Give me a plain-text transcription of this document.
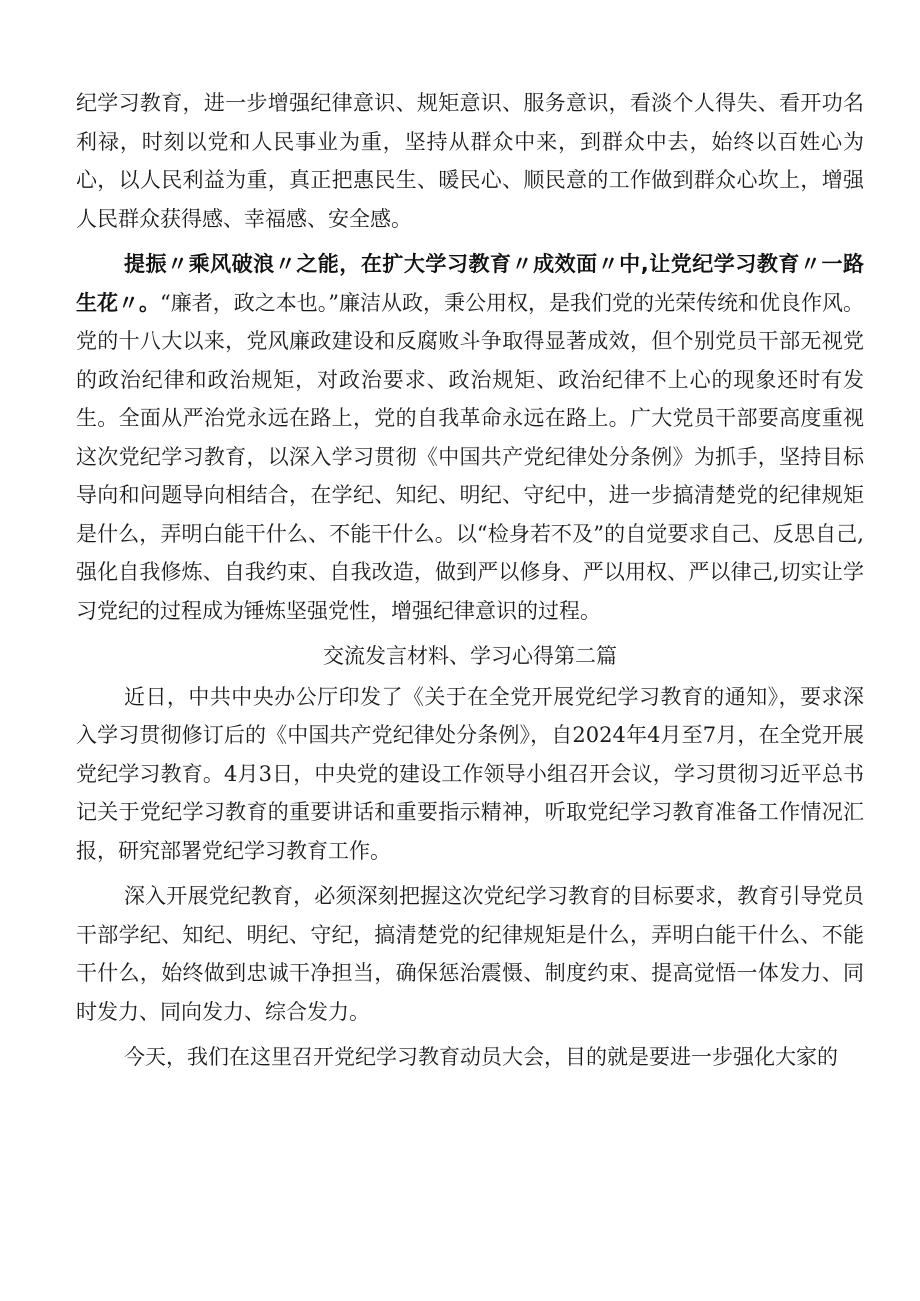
纪学习教育，进一步增强纪律意识、规矩意识、服务意识，看淡个人得失、看开功名利禄，时刻以党和人民事业为重，坚持从群众中来，到群众中去，始终以百姓心为心，以人民利益为重，真正把惠民生、暖民心、顺民意的工作做到群众心坎上，增强人民群众获得感、幸福感、安全感。

提振〃乘风破浪〃之能，在扩大学习教育〃成效面〃中,让党纪学习教育〃一路生花〃。“廉者，政之本也。”廉洁从政，秉公用权，是我们党的光荣传统和优良作风。党的十八大以来，党风廉政建设和反腐败斗争取得显著成效，但个别党员干部无视党的政治纪律和政治规矩，对政治要求、政治规矩、政治纪律不上心的现象还时有发生。全面从严治党永远在路上，党的自我革命永远在路上。广大党员干部要高度重视这次党纪学习教育，以深入学习贯彻《中国共产党纪律处分条例》为抓手，坚持目标导向和问题导向相结合，在学纪、知纪、明纪、守纪中，进一步搞清楚党的纪律规矩是什么，弄明白能干什么、不能干什么。以“检身若不及”的自觉要求自己、反思自己,强化自我修炼、自我约束、自我改造，做到严以修身、严以用权、严以律己,切实让学习党纪的过程成为锤炼坚强党性，增强纪律意识的过程。

交流发言材料、学习心得第二篇

近日，中共中央办公厅印发了《关于在全党开展党纪学习教育的通知》，要求深入学习贯彻修订后的《中国共产党纪律处分条例》，自2024年4月至7月，在全党开展党纪学习教育。4月3日，中央党的建设工作领导小组召开会议，学习贯彻习近平总书记关于党纪学习教育的重要讲话和重要指示精神，听取党纪学习教育准备工作情况汇报，研究部署党纪学习教育工作。

深入开展党纪教育，必须深刻把握这次党纪学习教育的目标要求，教育引导党员干部学纪、知纪、明纪、守纪，搞清楚党的纪律规矩是什么，弄明白能干什么、不能干什么，始终做到忠诚干净担当，确保惩治震慑、制度约束、提高觉悟一体发力、同时发力、同向发力、综合发力。

今天，我们在这里召开党纪学习教育动员大会，目的就是要进一步强化大家的
